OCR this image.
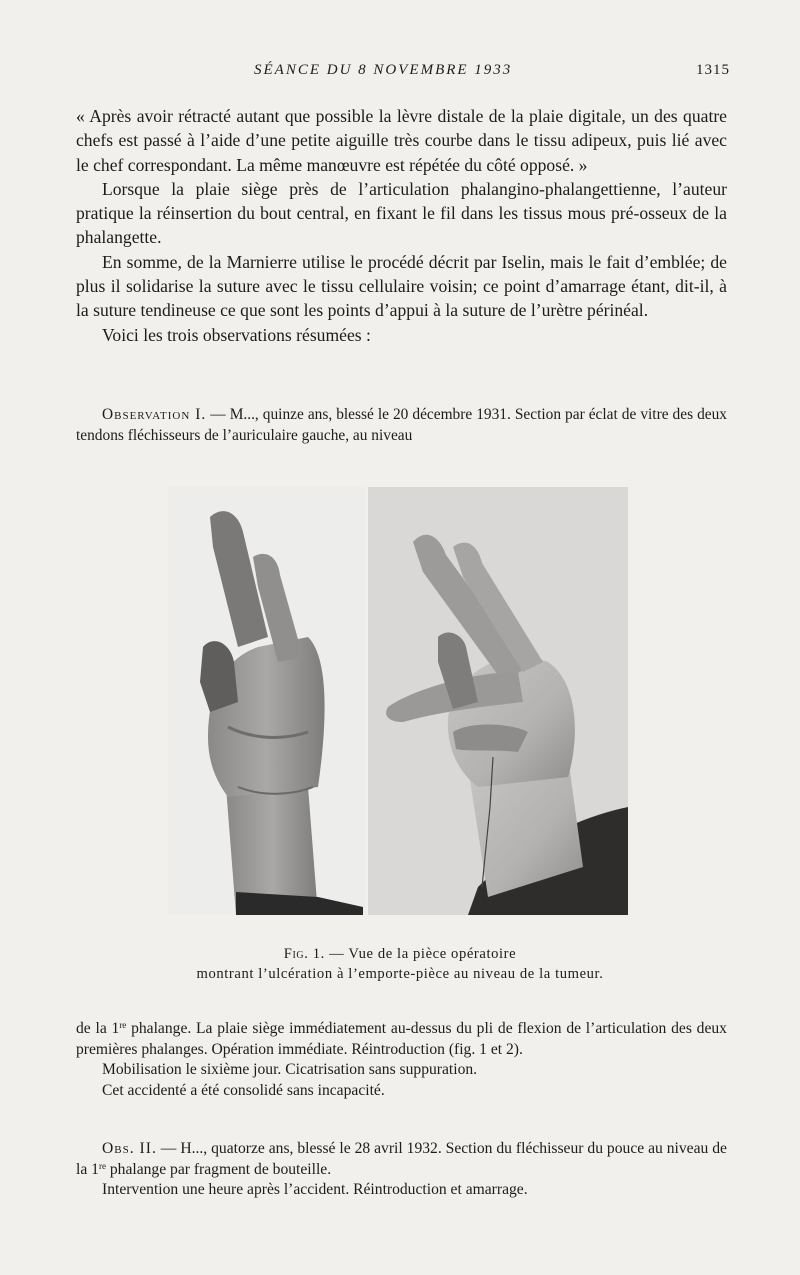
SÉANCE DU 8 NOVEMBRE 1933	1315

« Après avoir rétracté autant que possible la lèvre distale de la plaie digitale, un des quatre chefs est passé à l’aide d’une petite aiguille très courbe dans le tissu adipeux, puis lié avec le chef correspondant. La même manœuvre est répétée du côté opposé. »

Lorsque la plaie siège près de l’articulation phalangino-phalangettienne, l’auteur pratique la réinsertion du bout central, en fixant le fil dans les tissus mous pré-osseux de la phalangette.

En somme, de la Marnierre utilise le procédé décrit par Iselin, mais le fait d’emblée; de plus il solidarise la suture avec le tissu cellulaire voisin; ce point d’amarrage étant, dit-il, à la suture tendineuse ce que sont les points d’appui à la suture de l’urètre périnéal.

Voici les trois observations résumées :

Observation I. — M..., quinze ans, blessé le 20 décembre 1931. Section par éclat de vitre des deux tendons fléchisseurs de l’auriculaire gauche, au niveau

Fig. 1. — Vue de la pièce opératoire
montrant l’ulcération à l’emporte-pièce au niveau de la tumeur.

de la 1re phalange. La plaie siège immédiatement au-dessus du pli de flexion de l’articulation des deux premières phalanges. Opération immédiate. Réintroduction (fig. 1 et 2).

Mobilisation le sixième jour. Cicatrisation sans suppuration.

Cet accidenté a été consolidé sans incapacité.

Obs. II. — H..., quatorze ans, blessé le 28 avril 1932. Section du fléchisseur du pouce au niveau de la 1re phalange par fragment de bouteille.

Intervention une heure après l’accident. Réintroduction et amarrage.
